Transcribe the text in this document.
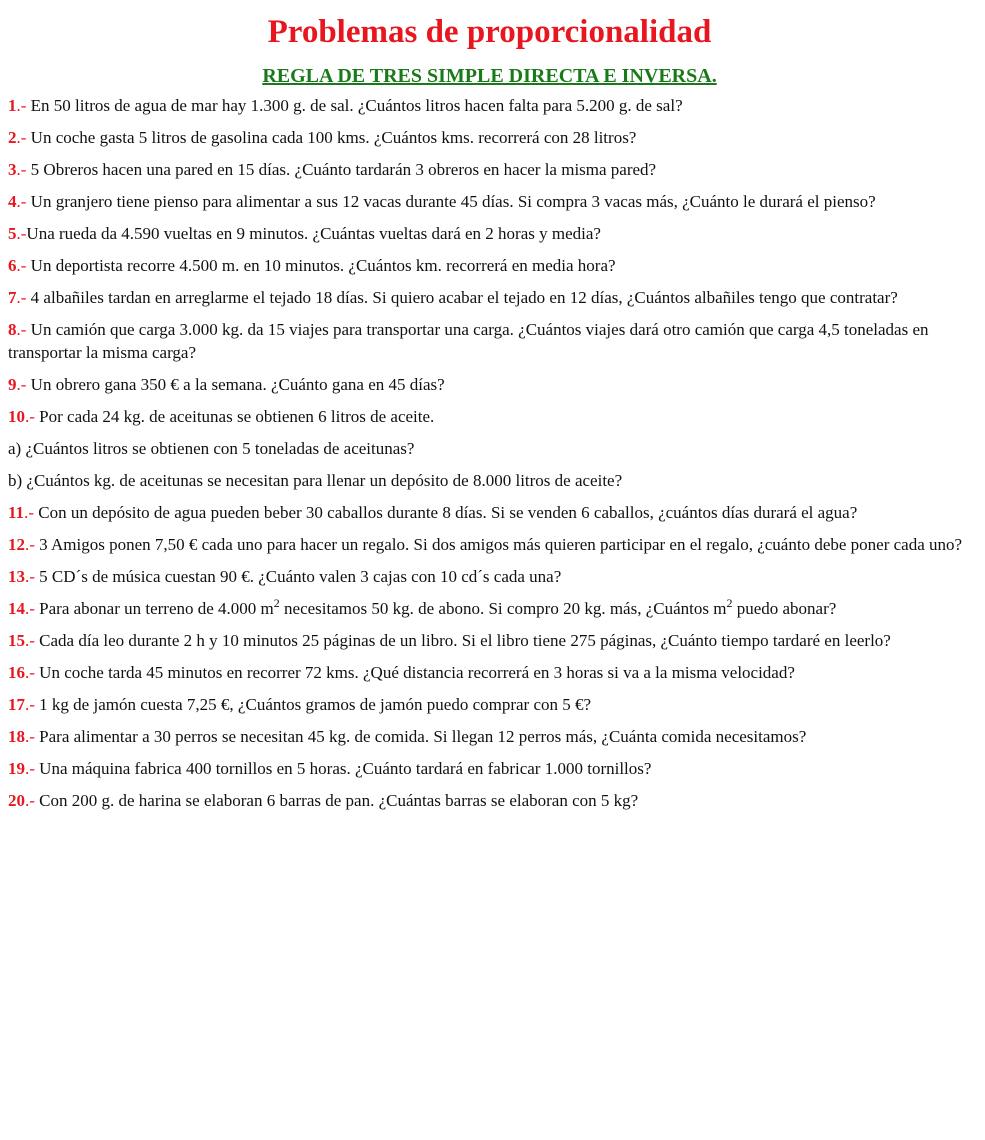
Problemas de proporcionalidad
REGLA DE TRES SIMPLE DIRECTA E INVERSA.

1.- En 50 litros de agua de mar hay 1.300 g. de sal. ¿Cuántos litros hacen falta para 5.200 g. de sal?

2.- Un coche gasta 5 litros de gasolina cada 100 kms. ¿Cuántos kms. recorrerá con 28 litros?

3.- 5 Obreros hacen una pared en 15 días. ¿Cuánto tardarán 3 obreros en hacer la misma pared?

4.- Un granjero tiene pienso para alimentar a sus 12 vacas durante 45 días. Si compra 3 vacas más, ¿Cuánto le durará el pienso?

5.-Una rueda da 4.590 vueltas en 9 minutos. ¿Cuántas vueltas dará en 2 horas y media?

6.- Un deportista recorre 4.500 m. en 10 minutos. ¿Cuántos km. recorrerá en media hora?

7.- 4 albañiles tardan en arreglarme el tejado 18 días. Si quiero acabar el tejado en 12 días, ¿Cuántos albañiles tengo que contratar?

8.- Un camión que carga 3.000 kg. da 15 viajes para transportar una carga. ¿Cuántos viajes dará otro camión que carga 4,5 toneladas en transportar la misma carga?

9.- Un obrero gana 350 € a la semana. ¿Cuánto gana en 45 días?

10.- Por cada 24 kg. de aceitunas se obtienen 6 litros de aceite.

a) ¿Cuántos litros se obtienen con 5 toneladas de aceitunas?

b) ¿Cuántos kg. de aceitunas se necesitan para llenar un depósito de 8.000 litros de aceite?

11.- Con un depósito de agua pueden beber 30 caballos durante 8 días. Si se venden 6 caballos, ¿cuántos días durará el agua?

12.- 3 Amigos ponen 7,50 € cada uno para hacer un regalo. Si dos amigos más quieren participar en el regalo, ¿cuánto debe poner cada uno?

13.- 5 CD´s de música cuestan 90 €. ¿Cuánto valen 3 cajas con 10 cd´s cada una?

14.- Para abonar un terreno de 4.000 $m^2$ necesitamos 50 kg. de abono. Si compro 20 kg. más, ¿Cuántos $m^2$ puedo abonar?

15.- Cada día leo durante 2 h y 10 minutos 25 páginas de un libro. Si el libro tiene 275 páginas, ¿Cuánto tiempo tardaré en leerlo?

16.- Un coche tarda 45 minutos en recorrer 72 kms. ¿Qué distancia recorrerá en 3 horas si va a la misma velocidad?

17.- 1 kg de jamón cuesta 7,25 €, ¿Cuántos gramos de jamón puedo comprar con 5 €?

18.- Para alimentar a 30 perros se necesitan 45 kg. de comida. Si llegan 12 perros más, ¿Cuánta comida necesitamos?

19.- Una máquina fabrica 400 tornillos en 5 horas. ¿Cuánto tardará en fabricar 1.000 tornillos?

20.- Con 200 g. de harina se elaboran 6 barras de pan. ¿Cuántas barras se elaboran con 5 kg?
